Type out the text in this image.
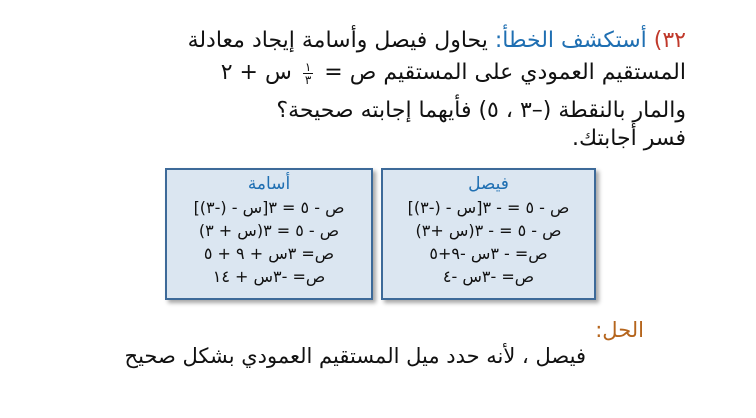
٣٢) أستكشف الخطأ: يحاول فيصل وأسامة إيجاد معادلة
المستقيم العمودي على المستقيم ص =
$\frac{١}{٣}$
س + ٢
والمار بالنقطة (–٣ ، ٥) فأيهما إجابته صحيحة؟
فسر أجابتك.
فيصل
ص - ٥ = - ٣[س - (-٣)]
ص - ٥ = - ٣(س +٣)
ص= - ٣س -٩+٥
ص= -٣س -٤
أسامة
ص - ٥ = ٣[س - (-٣)]
ص - ٥ = ٣(س + ٣)
ص= ٣س + ٩ + ٥
ص= -٣س + ١٤
الحل:
فيصل ، لأنه حدد ميل المستقيم العمودي بشكل صحيح
